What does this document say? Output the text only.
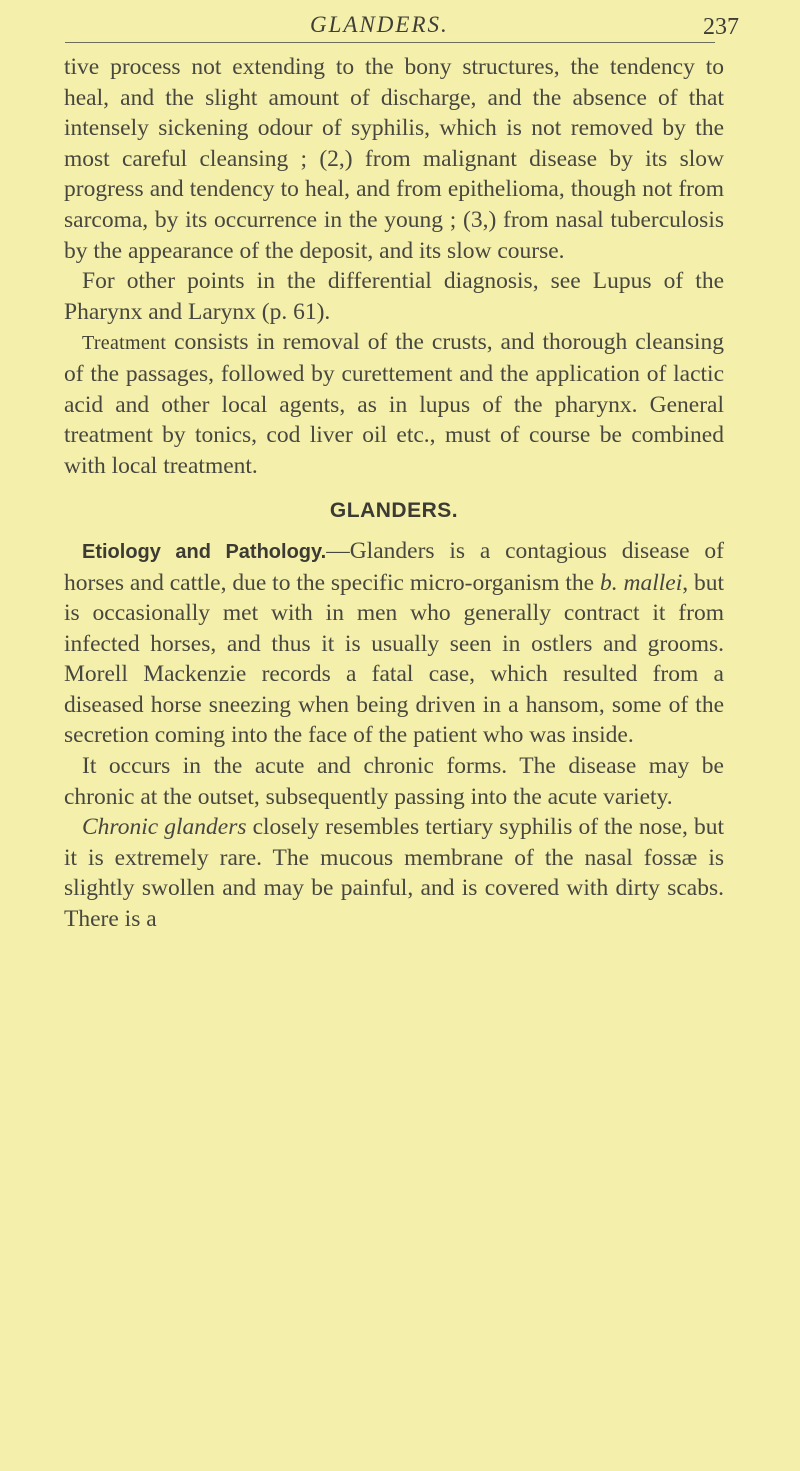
GLANDERS.	237

tive process not extending to the bony structures, the tendency to heal, and the slight amount of discharge, and the absence of that intensely sickening odour of syphilis, which is not removed by the most careful cleansing ; (2,) from malignant disease by its slow progress and tendency to heal, and from epithelioma, though not from sarcoma, by its occurrence in the young ; (3,) from nasal tuberculosis by the appearance of the deposit, and its slow course.

For other points in the differential diagnosis, see Lupus of the Pharynx and Larynx (p. 61).

Treatment consists in removal of the crusts, and thorough cleansing of the passages, followed by curettement and the application of lactic acid and other local agents, as in lupus of the pharynx. General treatment by tonics, cod liver oil etc., must of course be combined with local treatment.

GLANDERS.

Etiology and Pathology.—Glanders is a contagious disease of horses and cattle, due to the specific micro-organism the b. mallei, but is occasionally met with in men who generally contract it from infected horses, and thus it is usually seen in ostlers and grooms. Morell Mackenzie records a fatal case, which resulted from a diseased horse sneezing when being driven in a hansom, some of the secretion coming into the face of the patient who was inside.

It occurs in the acute and chronic forms. The disease may be chronic at the outset, subsequently passing into the acute variety.

Chronic glanders closely resembles tertiary syphilis of the nose, but it is extremely rare. The mucous membrane of the nasal fossæ is slightly swollen and may be painful, and is covered with dirty scabs. There is a
